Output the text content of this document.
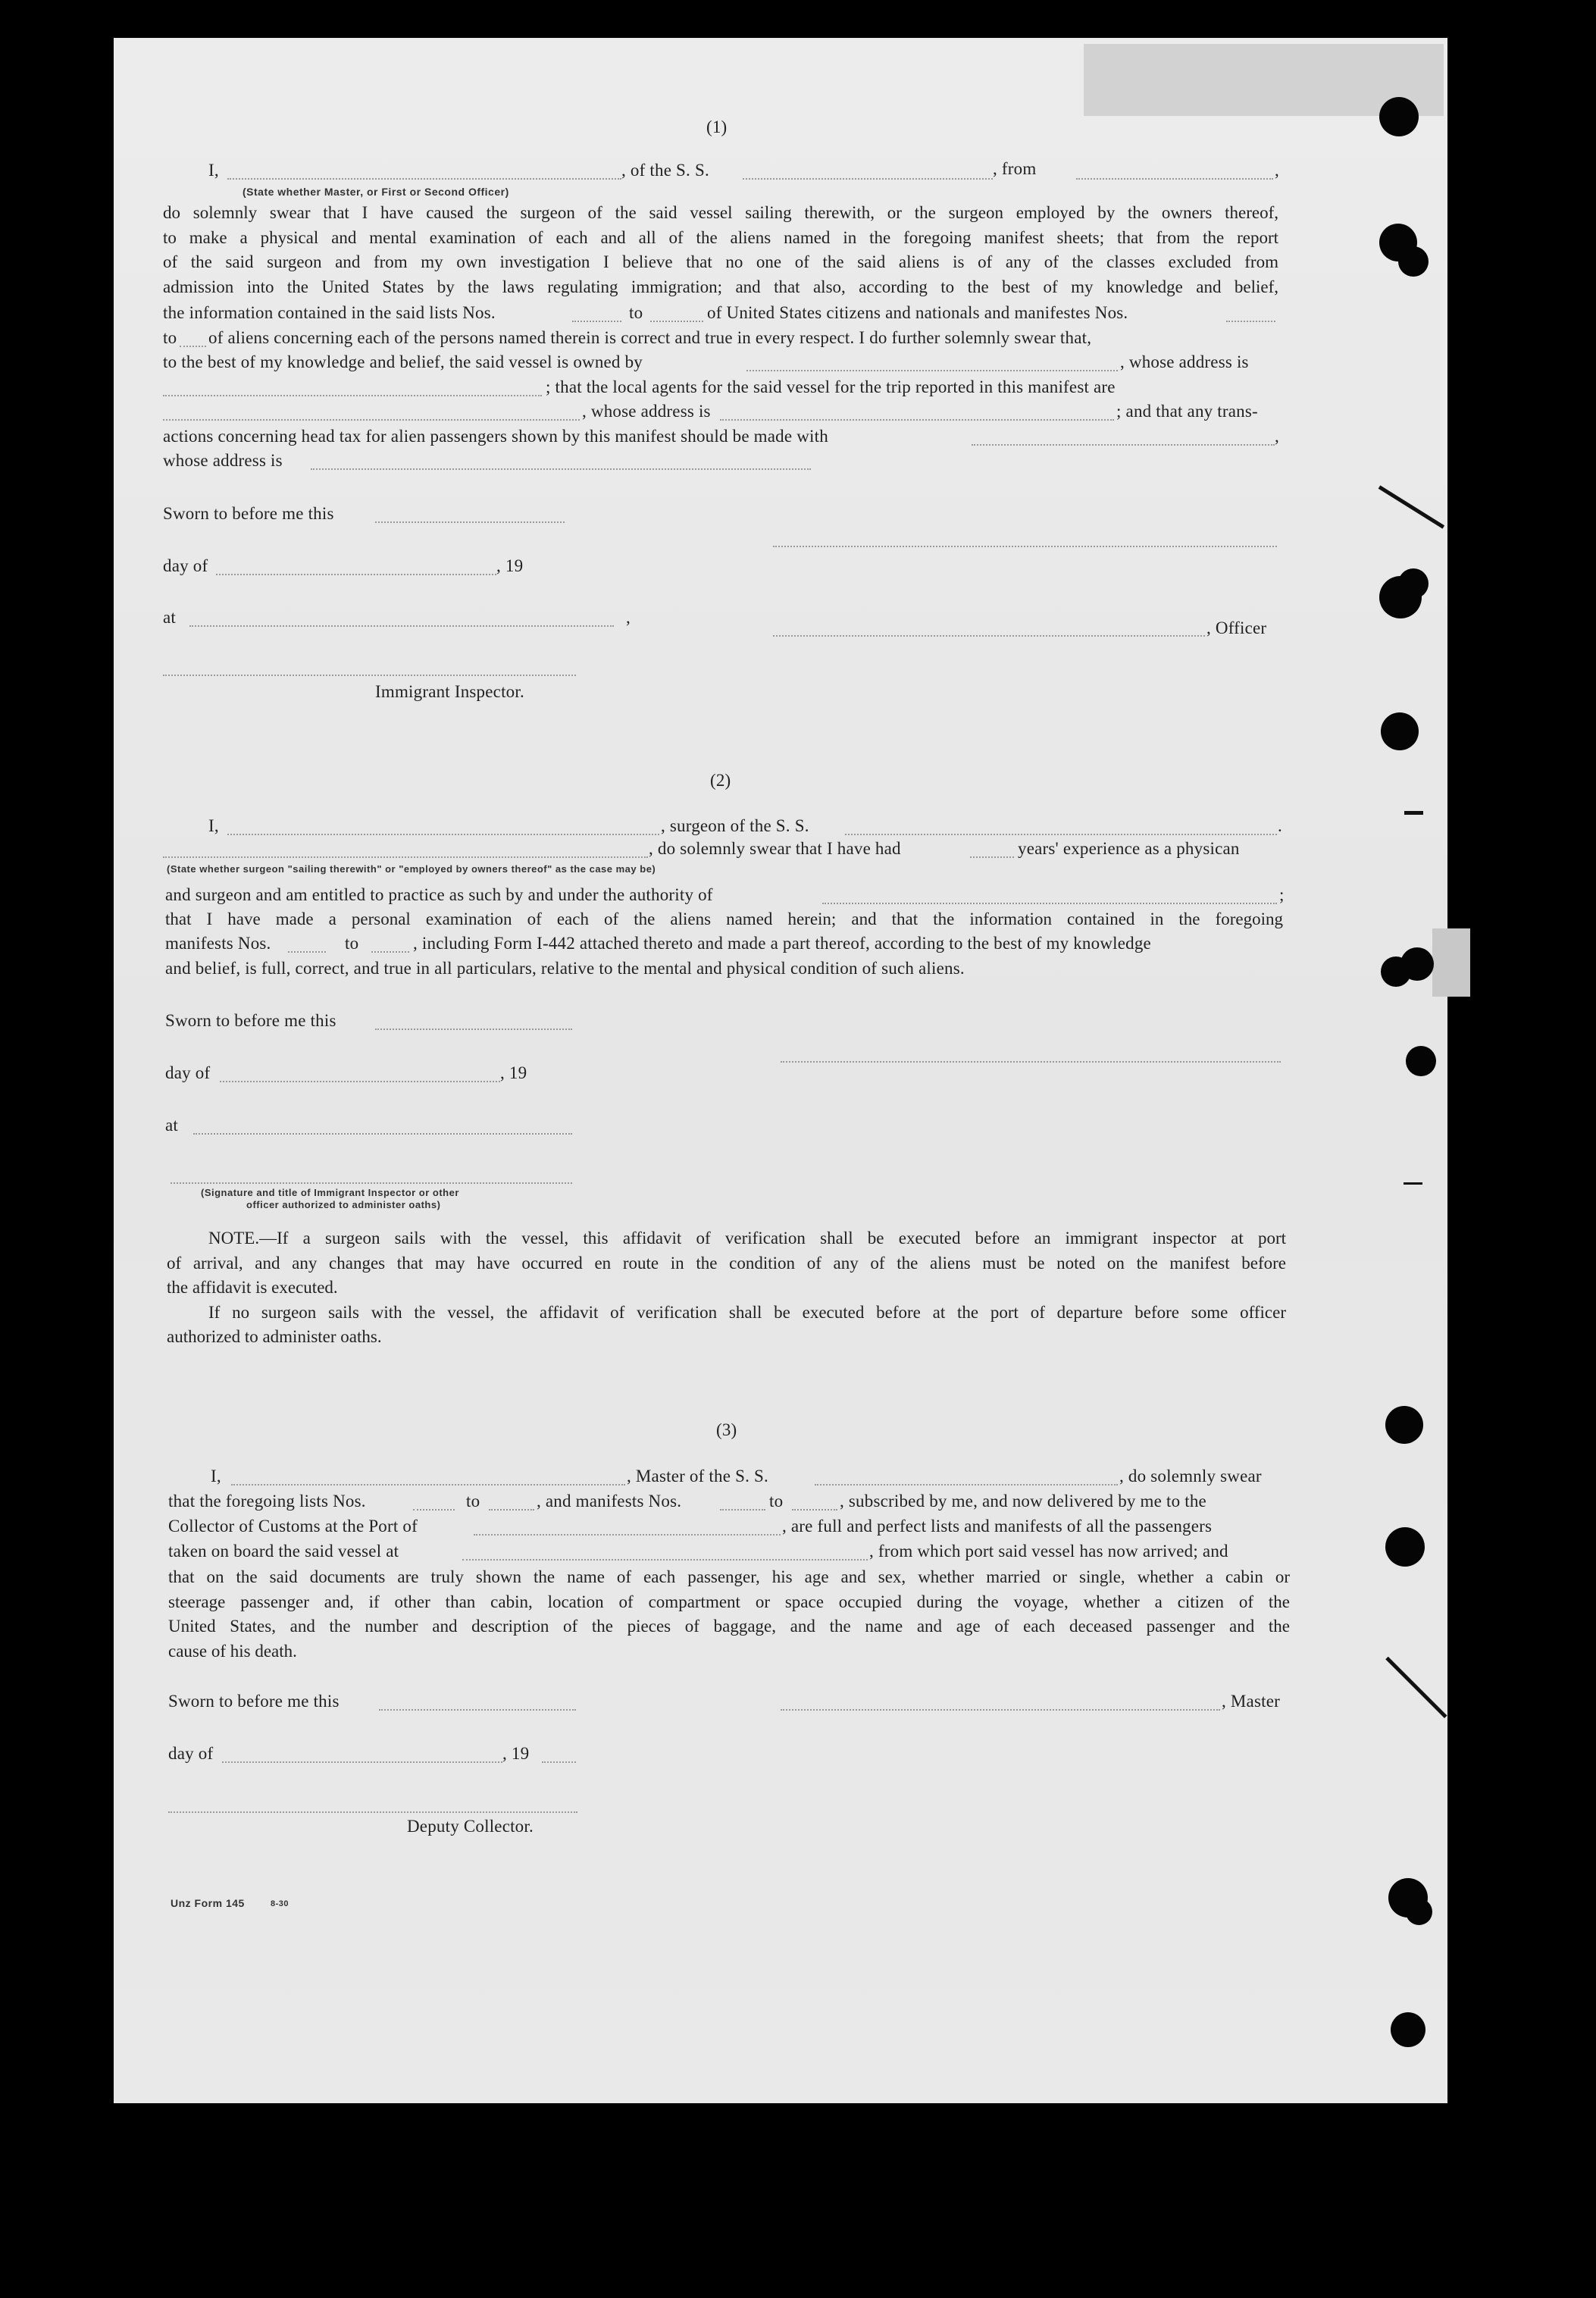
(1)
I,	, of the S. S.	, from	,
(State whether Master, or First or Second Officer)
do solemnly swear that I have caused the surgeon of the said vessel sailing therewith, or the surgeon employed by the owners thereof,
to make a physical and mental examination of each and all of the aliens named in the foregoing manifest sheets; that from the report
of the said surgeon and from my own investigation I believe that no one of the said aliens is of any of the classes excluded from
admission into the United States by the laws regulating immigration; and that also, according to the best of my knowledge and belief,
the information contained in the said lists Nos.	to	of United States citizens and nationals and manifestes Nos.
to of aliens concerning each of the persons named therein is correct and true in every respect. I do further solemnly swear that,
to the best of my knowledge and belief, the said vessel is owned by	, whose address is
; that the local agents for the said vessel for the trip reported in this manifest are
, whose address is	; and that any trans-
actions concerning head tax for alien passengers shown by this manifest should be made with	,
whose address is
Sworn to before me this
day of	, 19
at	,
, Officer
Immigrant Inspector.
(2)
I,	, surgeon of the S. S.	.
, do solemnly swear that I have had	years' experience as a physican
(State whether surgeon "sailing therewith" or "employed by owners thereof" as the case may be)
and surgeon and am entitled to practice as such by and under the authority of	;
that I have made a personal examination of each of the aliens named herein; and that the information contained in the foregoing
manifests Nos.	to	, including Form I-442 attached thereto and made a part thereof, according to the best of my knowledge
and belief, is full, correct, and true in all particulars, relative to the mental and physical condition of such aliens.
Sworn to before me this
day of	, 19
at
(Signature and title of Immigrant Inspector or other
officer authorized to administer oaths)
NOTE.—If a surgeon sails with the vessel, this affidavit of verification shall be executed before an immigrant inspector at port
of arrival, and any changes that may have occurred en route in the condition of any of the aliens must be noted on the manifest before
the affidavit is executed.
If no surgeon sails with the vessel, the affidavit of verification shall be executed before at the port of departure before some officer
authorized to administer oaths.
(3)
I,	, Master of the S. S.	, do solemnly swear
that the foregoing lists Nos.	to	, and manifests Nos.	to	, subscribed by me, and now delivered by me to the
Collector of Customs at the Port of	, are full and perfect lists and manifests of all the passengers
taken on board the said vessel at	, from which port said vessel has now arrived; and
that on the said documents are truly shown the name of each passenger, his age and sex, whether married or single, whether a cabin or
steerage passenger and, if other than cabin, location of compartment or space occupied during the voyage, whether a citizen of the
United States, and the number and description of the pieces of baggage, and the name and age of each deceased passenger and the
cause of his death.
Sworn to before me this	, Master
day of	, 19
Deputy Collector.
Unz Form 145	8-30
